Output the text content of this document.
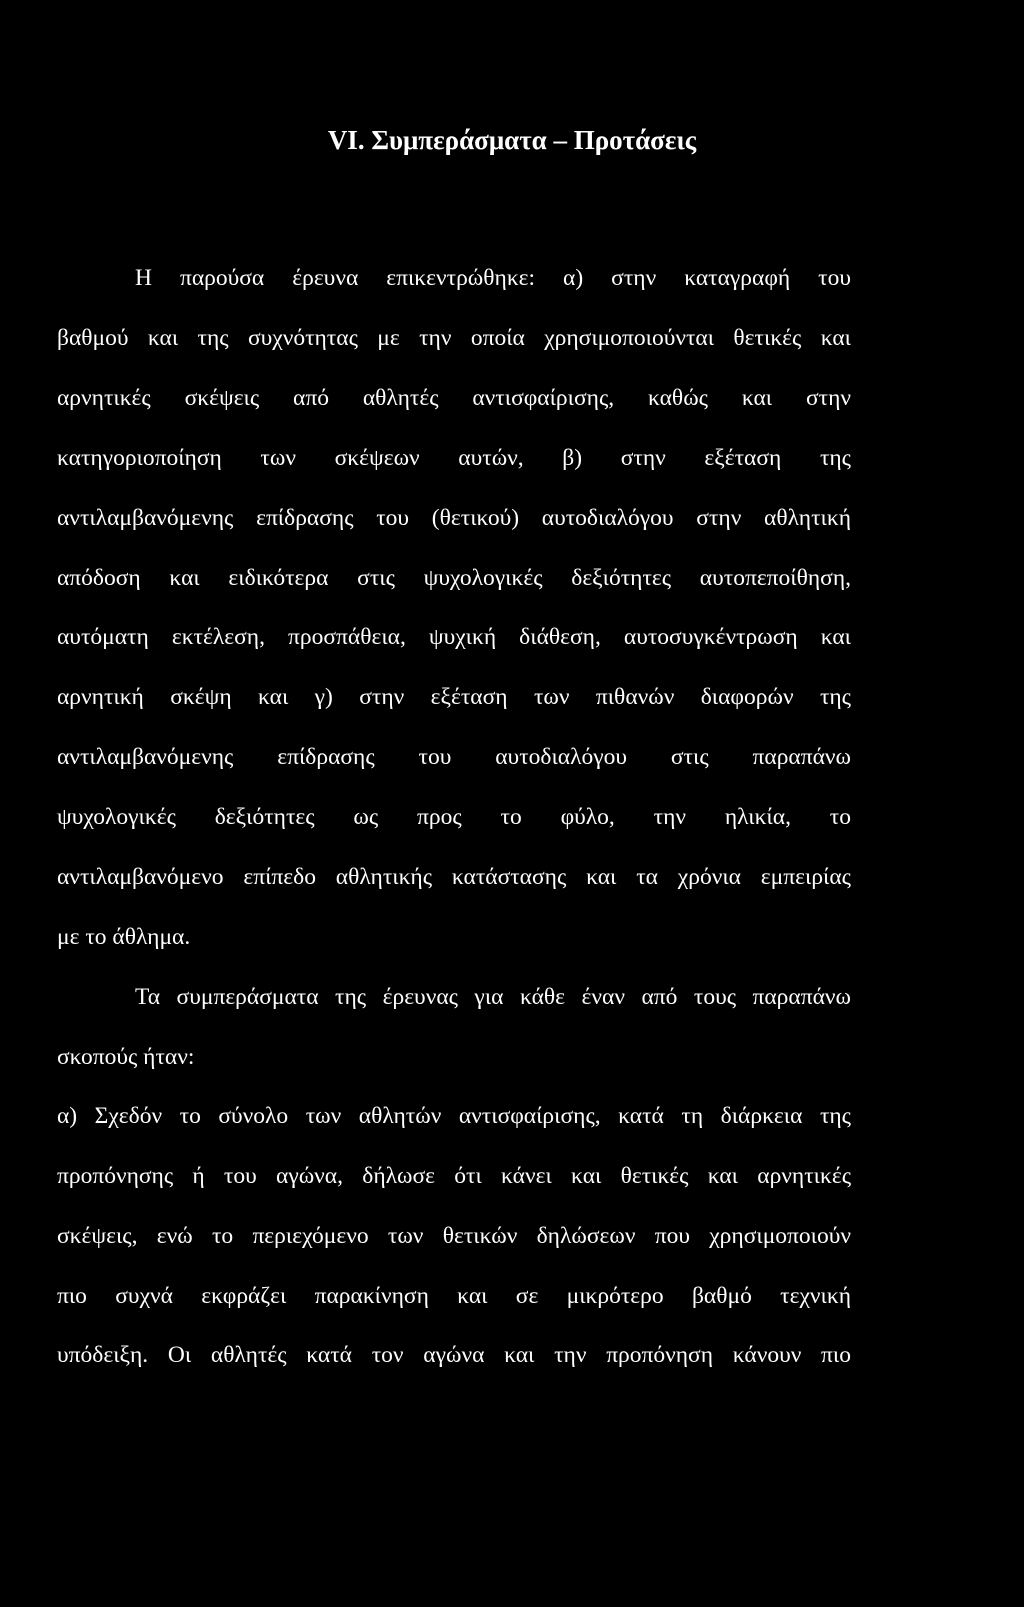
VI. Συμπεράσματα – Προτάσεις

Η παρούσα έρευνα επικεντρώθηκε: α) στην καταγραφή του

βαθμού και της συχνότητας με την οποία χρησιμοποιούνται θετικές και

αρνητικές σκέψεις από αθλητές αντισφαίρισης, καθώς και στην

κατηγοριοποίηση των σκέψεων αυτών, β) στην εξέταση της

αντιλαμβανόμενης επίδρασης του (θετικού) αυτοδιαλόγου στην αθλητική

απόδοση και ειδικότερα στις ψυχολογικές δεξιότητες αυτοπεποίθηση,

αυτόματη εκτέλεση, προσπάθεια, ψυχική διάθεση, αυτοσυγκέντρωση και

αρνητική σκέψη και γ) στην εξέταση των πιθανών διαφορών της

αντιλαμβανόμενης επίδρασης του αυτοδιαλόγου στις παραπάνω

ψυχολογικές δεξιότητες ως προς το φύλο, την ηλικία, το

αντιλαμβανόμενο επίπεδο αθλητικής κατάστασης και τα χρόνια εμπειρίας

με το άθλημα.

Τα συμπεράσματα της έρευνας για κάθε έναν από τους παραπάνω

σκοπούς ήταν:

α) Σχεδόν το σύνολο των αθλητών αντισφαίρισης, κατά τη διάρκεια της

προπόνησης ή του αγώνα, δήλωσε ότι κάνει και θετικές και αρνητικές

σκέψεις, ενώ το περιεχόμενο των θετικών δηλώσεων που χρησιμοποιούν

πιο συχνά εκφράζει παρακίνηση και σε μικρότερο βαθμό τεχνική

υπόδειξη. Οι αθλητές κατά τον αγώνα και την προπόνηση κάνουν πιο
